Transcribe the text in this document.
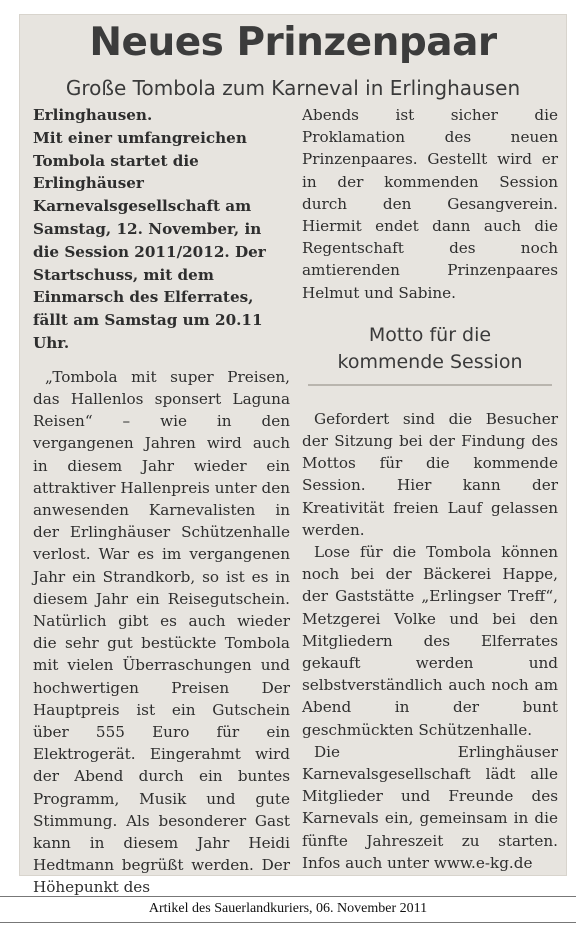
Neues Prinzenpaar
Große Tombola zum Karneval in Erlinghausen

Erlinghausen.

Mit einer umfangreichen Tombola startet die Erlinghäuser Karnevalsgesellschaft am Samstag, 12. November, in die Session 2011/2012. Der Startschuss, mit dem Einmarsch des Elferrates, fällt am Samstag um 20.11 Uhr.

„Tombola mit super Preisen, das Hallenlos sponsert Laguna Reisen“ – wie in den vergangenen Jahren wird auch in diesem Jahr wieder ein attraktiver Hallenpreis unter den anwesenden Karnevalisten in der Erlinghäuser Schützenhalle verlost. War es im vergangenen Jahr ein Strandkorb, so ist es in diesem Jahr ein Reisegutschein. Natürlich gibt es auch wieder die sehr gut bestückte Tombola mit vielen Überraschungen und hochwertigen Preisen Der Hauptpreis ist ein Gutschein über 555 Euro für ein Elektrogerät. Eingerahmt wird der Abend durch ein buntes Programm, Musik und gute Stimmung. Als besonderer Gast kann in diesem Jahr Heidi Hedtmann begrüßt werden. Der Höhepunkt des

Abends ist sicher die Proklamation des neuen Prinzenpaares. Gestellt wird er in der kommenden Session durch den Gesangverein. Hiermit endet dann auch die Regentschaft des noch amtierenden Prinzenpaares Helmut und Sabine.

Motto für die
kommende Session

Gefordert sind die Besucher der Sitzung bei der Findung des Mottos für die kommende Session. Hier kann der Kreativität freien Lauf gelassen werden.

Lose für die Tombola können noch bei der Bäckerei Happe, der Gaststätte „Erlingser Treff“, Metzgerei Volke und bei den Mitgliedern des Elferrates gekauft werden und selbstverständlich auch noch am Abend in der bunt geschmückten Schützenhalle.

Die Erlinghäuser Karnevalsgesellschaft lädt alle Mitglieder und Freunde des Karnevals ein, gemeinsam in die fünfte Jahreszeit zu starten. Infos auch unter www.e-kg.de

Artikel des Sauerlandkuriers, 06. November 2011
